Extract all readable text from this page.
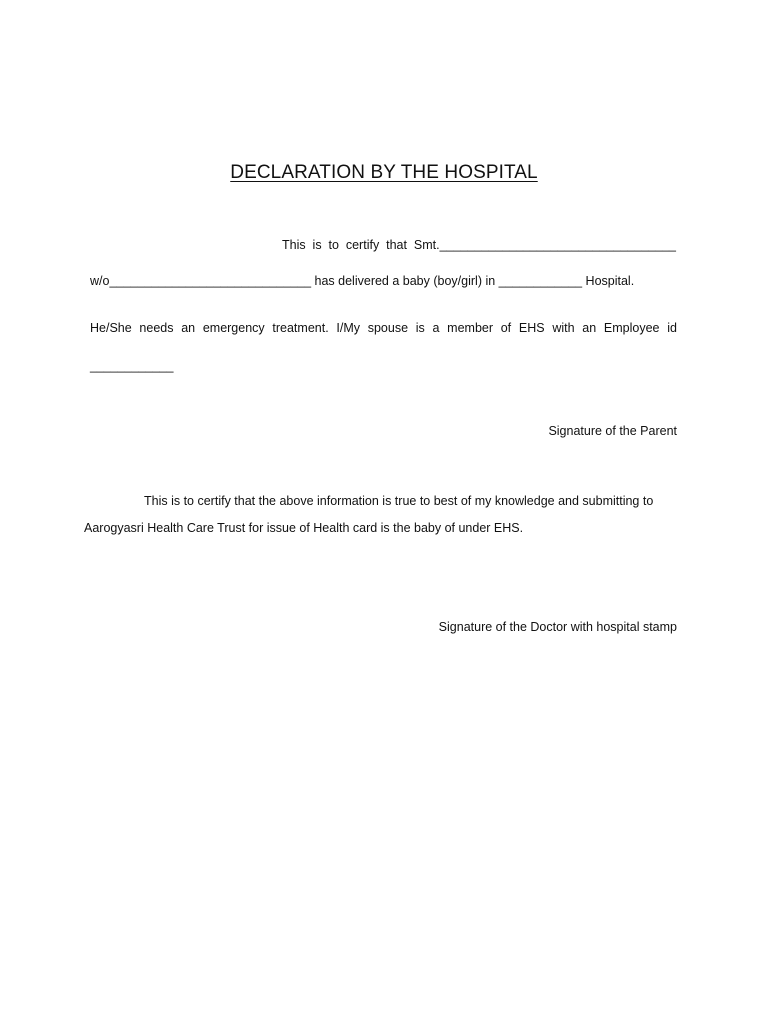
DECLARATION BY THE HOSPITAL
This is to certify that Smt.__________________________________
w/o_____________________________ has delivered a baby (boy/girl) in ____________ Hospital.
He/She needs an emergency treatment. I/My spouse is a member of EHS with an Employee id
____________
Signature of the Parent
This is to certify that the above information is true to best of my knowledge and submitting to
Aarogyasri Health Care Trust for issue of Health card is the baby of under EHS.
Signature of the Doctor with hospital stamp
